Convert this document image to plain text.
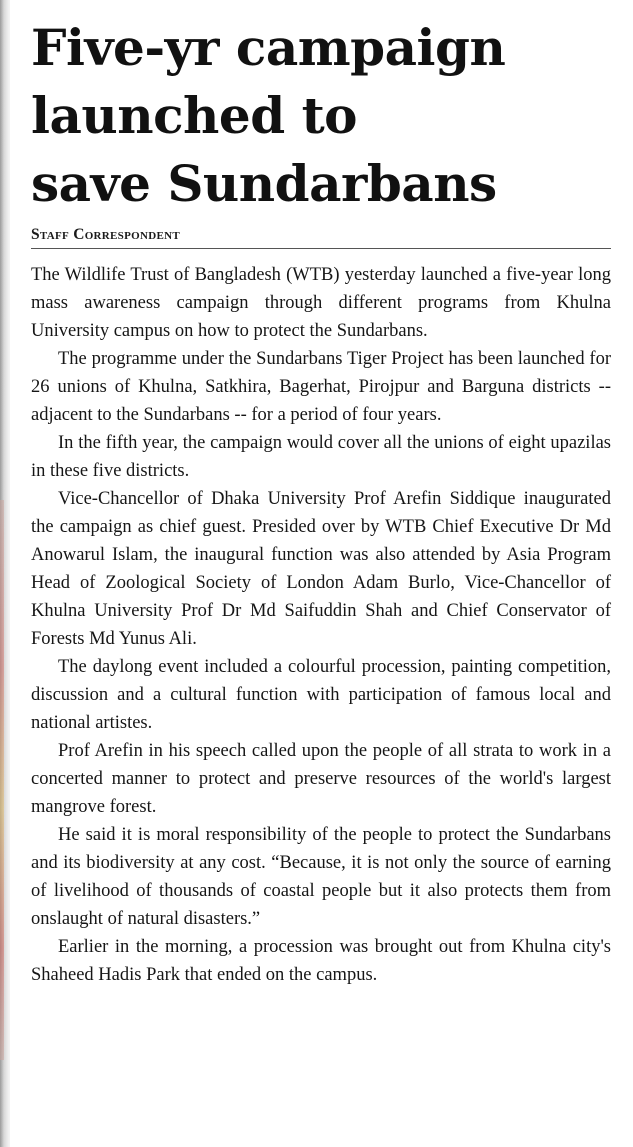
Five-yr campaign
launched to
save Sundarbans
Staff Correspondent

The Wildlife Trust of Bangladesh (WTB) yesterday launched a five-year long mass awareness campaign through different programs from Khulna University campus on how to protect the Sundarbans.

The programme under the Sundarbans Tiger Project has been launched for 26 unions of Khulna, Satkhira, Bagerhat, Pirojpur and Barguna districts -- adjacent to the Sundarbans -- for a period of four years.

In the fifth year, the campaign would cover all the unions of eight upazilas in these five districts.

Vice-Chancellor of Dhaka University Prof Arefin Siddique inaugurated the campaign as chief guest. Presided over by WTB Chief Executive Dr Md Anowarul Islam, the inaugural function was also attended by Asia Program Head of Zoological Society of London Adam Burlo, Vice-Chancellor of Khulna University Prof Dr Md Saifuddin Shah and Chief Conservator of Forests Md Yunus Ali.

The daylong event included a colourful procession, painting competition, discussion and a cultural function with participation of famous local and national artistes.

Prof Arefin in his speech called upon the people of all strata to work in a concerted manner to protect and preserve resources of the world's largest mangrove forest.

He said it is moral responsibility of the people to protect the Sundarbans and its biodiversity at any cost. “Because, it is not only the source of earning of livelihood of thousands of coastal people but it also protects them from onslaught of natural disasters.”

Earlier in the morning, a procession was brought out from Khulna city's Shaheed Hadis Park that ended on the campus.
